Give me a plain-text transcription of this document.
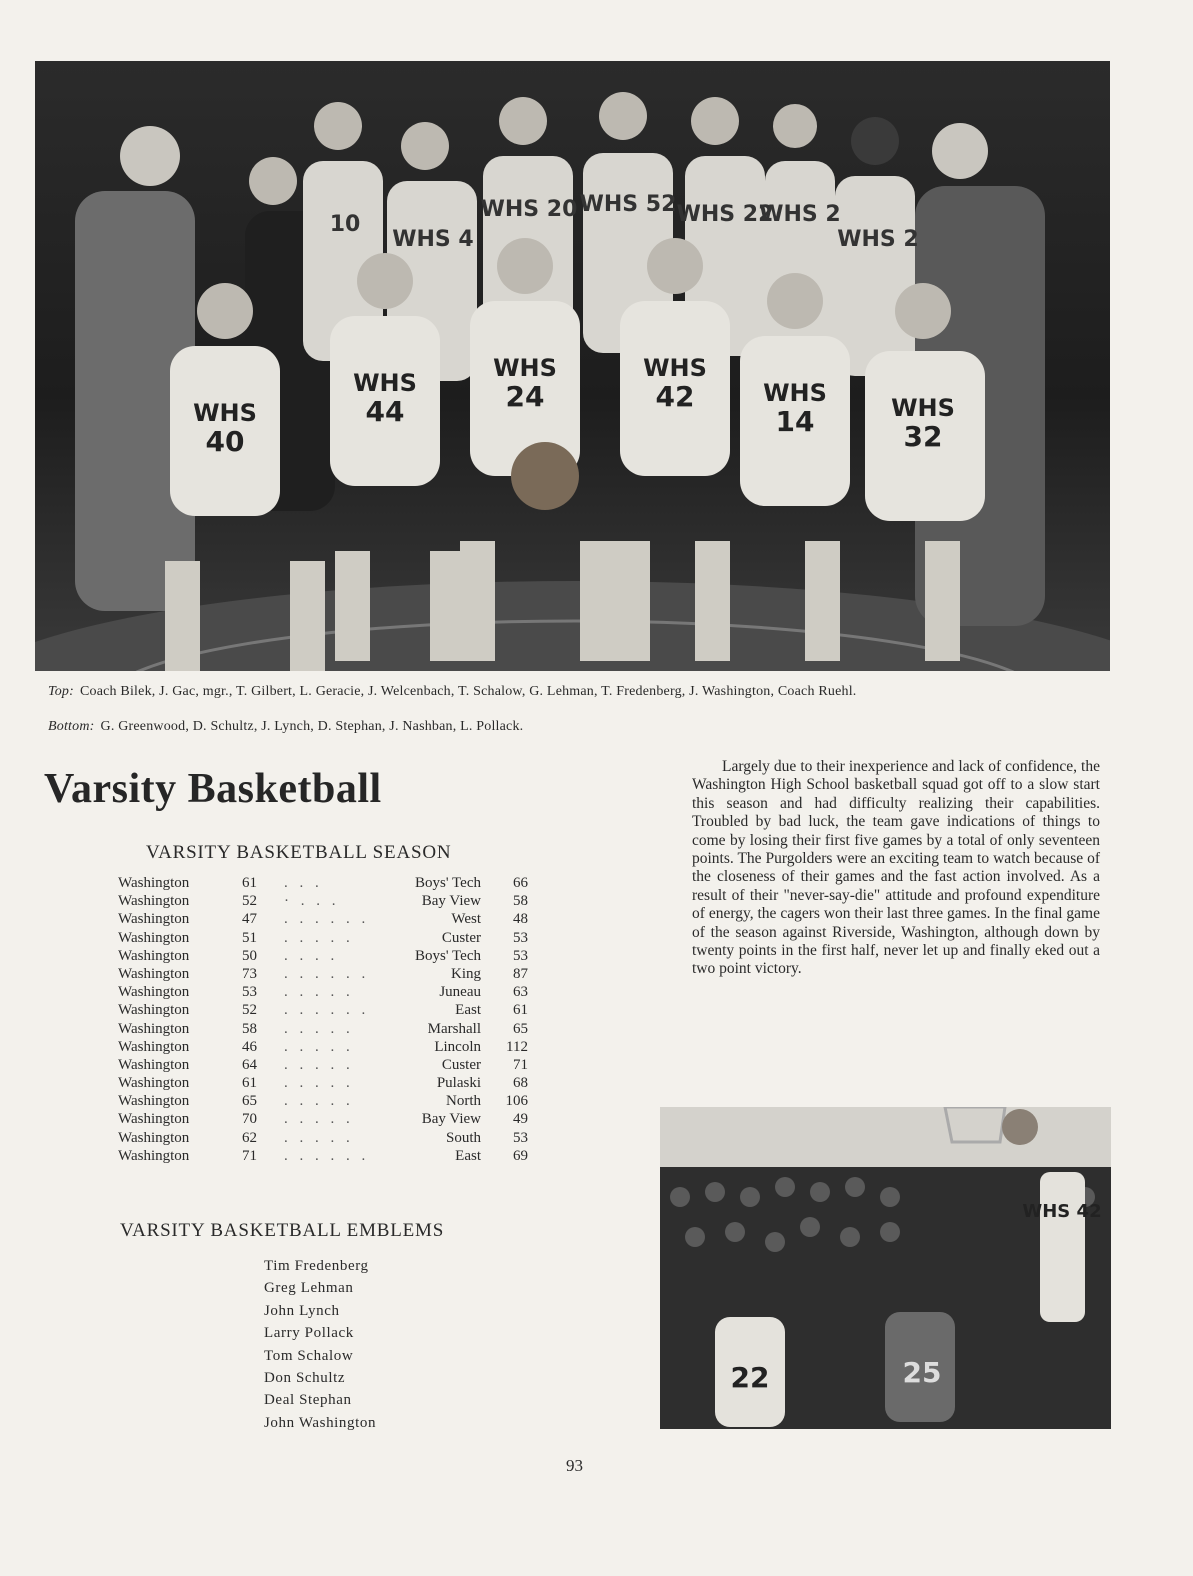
10
WHS 4
WHS 20 WHS 52 WHS 22
WHS 2
WHS 2
WHS
40
WHS
44
WHS
24
WHS
42	WHS
14	WHS
32
Top: Coach Bilek, J. Gac, mgr., T. Gilbert, L. Geracie, J. Welcenbach, T. Schalow, G. Lehman, T. Fredenberg, J. Washington, Coach Ruehl.
Bottom: G. Greenwood, D. Schultz, J. Lynch, D. Stephan, J. Nashban, L. Pollack.
Varsity Basketball
VARSITY BASKETBALL SEASON
Washington	61 . . .	Boys' Tech 66
Washington	52 · . . .	Bay View 58
Washington	47 . . . . . .	West 48
Washington	51 . . . . .	Custer 53
Washington	50 . . . .	Boys' Tech 53
Washington	73 . . . . . .	King 87
Washington	53 . . . . .	Juneau 63
Washington	52 . . . . . .	East 61
Washington	58 . . . . .	Marshall 65
Washington	46 . . . . .	Lincoln 112
Washington	64 . . . . .	Custer 71
Washington	61 . . . . .	Pulaski 68
Washington	65 . . . . .	North 106
Washington	70 . . . . .	Bay View 49
Washington	62 . . . . .	South 53
Washington	71 . . . . . .	East 69
VARSITY BASKETBALL EMBLEMS
Tim Fredenberg
Greg Lehman
John Lynch
Larry Pollack
Tom Schalow
Don Schultz
Deal Stephan
John Washington

Largely due to their inexperience and lack of confidence, the Washington High School basketball squad got off to a slow start this season and had difficulty realizing their capabilities. Troubled by bad luck, the team gave indications of things to come by losing their first five games by a total of only seventeen points. The Purgolders were an exciting team to watch because of the closeness of their games and the fast action involved. As a result of their "never-say-die" attitude and profound expenditure of energy, the cagers won their last three games. In the final game of the season against Riverside, Washington, although down by twenty points in the first half, never let up and finally eked out a two point victory.

WHS 42
22	25
93
